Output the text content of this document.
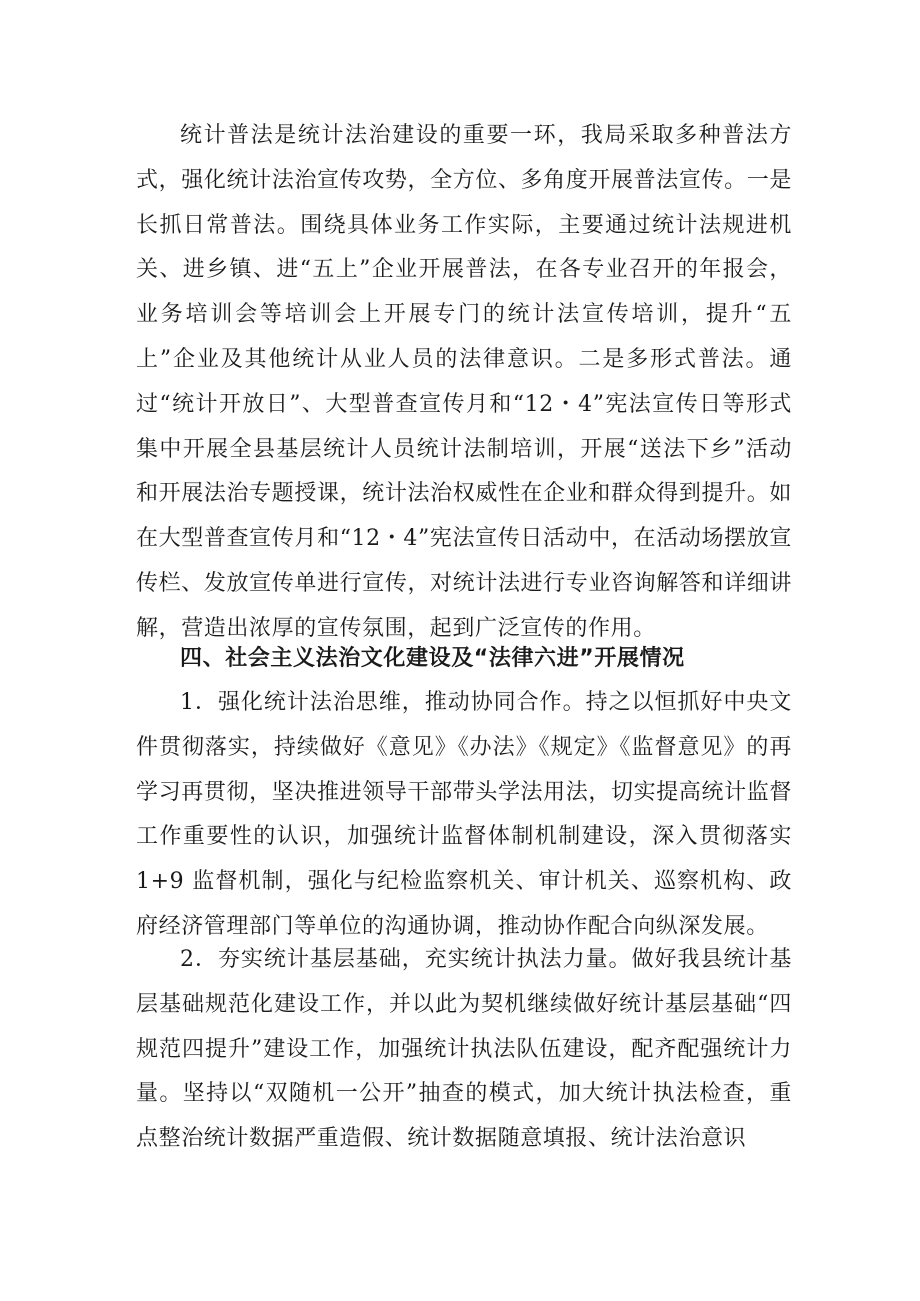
统计普法是统计法治建设的重要一环，我局采取多种普法方式，强化统计法治宣传攻势，全方位、多角度开展普法宣传。一是长抓日常普法。围绕具体业务工作实际，主要通过统计法规进机关、进乡镇、进“五上”企业开展普法，在各专业召开的年报会，业务培训会等培训会上开展专门的统计法宣传培训，提升“五上”企业及其他统计从业人员的法律意识。二是多形式普法。通过“统计开放日”、大型普查宣传月和“12・4”宪法宣传日等形式集中开展全县基层统计人员统计法制培训，开展“送法下乡”活动和开展法治专题授课，统计法治权威性在企业和群众得到提升。如在大型普查宣传月和“12・4”宪法宣传日活动中，在活动场摆放宣传栏、发放宣传单进行宣传，对统计法进行专业咨询解答和详细讲解，营造出浓厚的宣传氛围，起到广泛宣传的作用。

四、社会主义法治文化建设及“法律六进”开展情况

1．强化统计法治思维，推动协同合作。持之以恒抓好中央文件贯彻落实，持续做好《意见》《办法》《规定》《监督意见》的再学习再贯彻，坚决推进领导干部带头学法用法，切实提高统计监督工作重要性的认识，加强统计监督体制机制建设，深入贯彻落实 1+9 监督机制，强化与纪检监察机关、审计机关、巡察机构、政府经济管理部门等单位的沟通协调，推动协作配合向纵深发展。

2．夯实统计基层基础，充实统计执法力量。做好我县统计基层基础规范化建设工作，并以此为契机继续做好统计基层基础“四规范四提升”建设工作，加强统计执法队伍建设，配齐配强统计力量。坚持以“双随机一公开”抽查的模式，加大统计执法检查，重点整治统计数据严重造假、统计数据随意填报、统计法治意识
